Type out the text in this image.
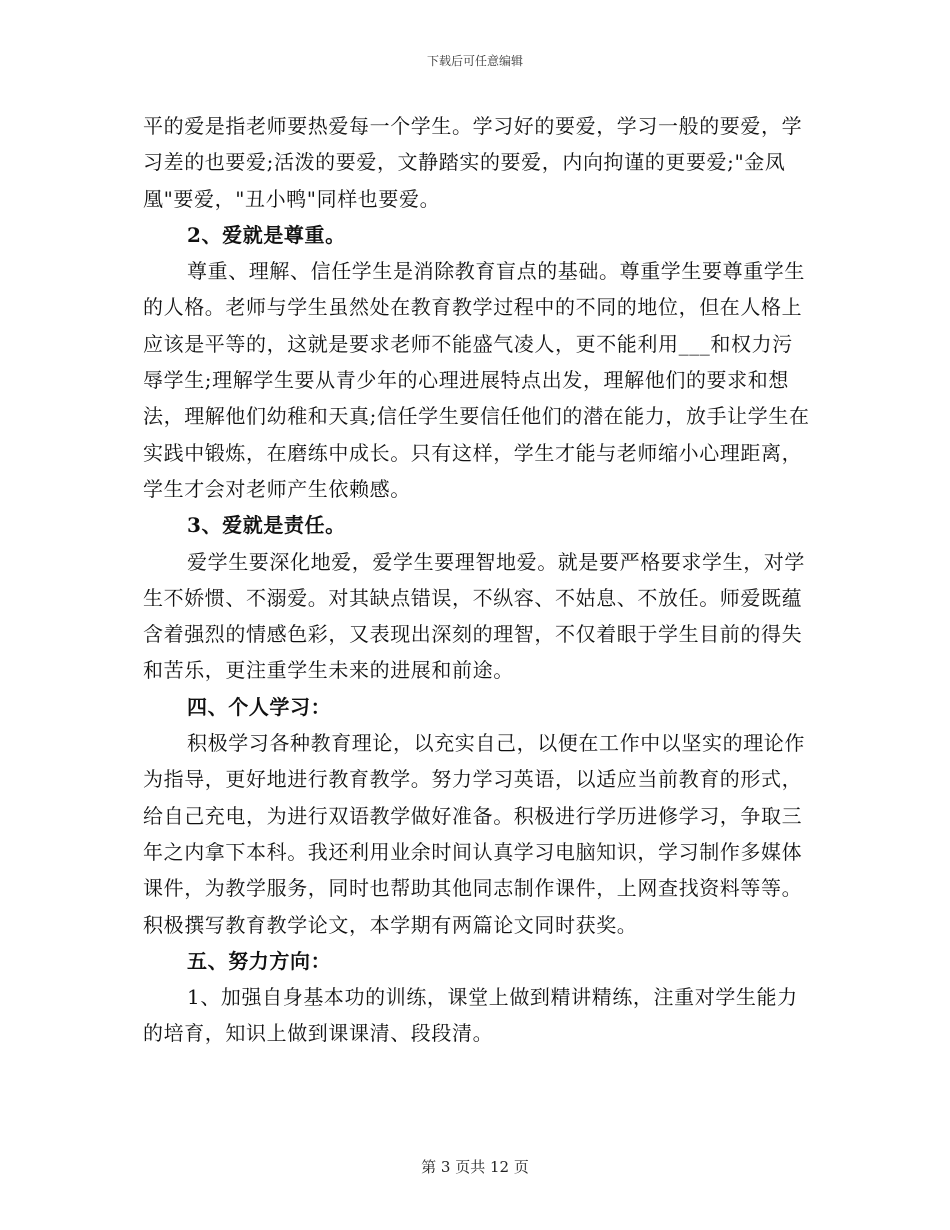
下载后可任意编辑

平的爱是指老师要热爱每一个学生。学习好的要爱，学习一般的要爱，学习差的也要爱;活泼的要爱，文静踏实的要爱，内向拘谨的更要爱;"金凤凰"要爱，"丑小鸭"同样也要爱。

2、爱就是尊重。

尊重、理解、信任学生是消除教育盲点的基础。尊重学生要尊重学生的人格。老师与学生虽然处在教育教学过程中的不同的地位，但在人格上应该是平等的，这就是要求老师不能盛气凌人，更不能利用___和权力污辱学生;理解学生要从青少年的心理进展特点出发，理解他们的要求和想法，理解他们幼稚和天真;信任学生要信任他们的潜在能力，放手让学生在实践中锻炼，在磨练中成长。只有这样，学生才能与老师缩小心理距离，学生才会对老师产生依赖感。

3、爱就是责任。

爱学生要深化地爱，爱学生要理智地爱。就是要严格要求学生，对学生不娇惯、不溺爱。对其缺点错误，不纵容、不姑息、不放任。师爱既蕴含着强烈的情感色彩，又表现出深刻的理智，不仅着眼于学生目前的得失和苦乐，更注重学生未来的进展和前途。

四、个人学习：

积极学习各种教育理论，以充实自己，以便在工作中以坚实的理论作为指导，更好地进行教育教学。努力学习英语，以适应当前教育的形式，给自己充电，为进行双语教学做好准备。积极进行学历进修学习，争取三年之内拿下本科。我还利用业余时间认真学习电脑知识，学习制作多媒体课件，为教学服务，同时也帮助其他同志制作课件，上网查找资料等等。积极撰写教育教学论文，本学期有两篇论文同时获奖。

五、努力方向：

1、加强自身基本功的训练，课堂上做到精讲精练，注重对学生能力的培育，知识上做到课课清、段段清。

第 3 页共 12 页
